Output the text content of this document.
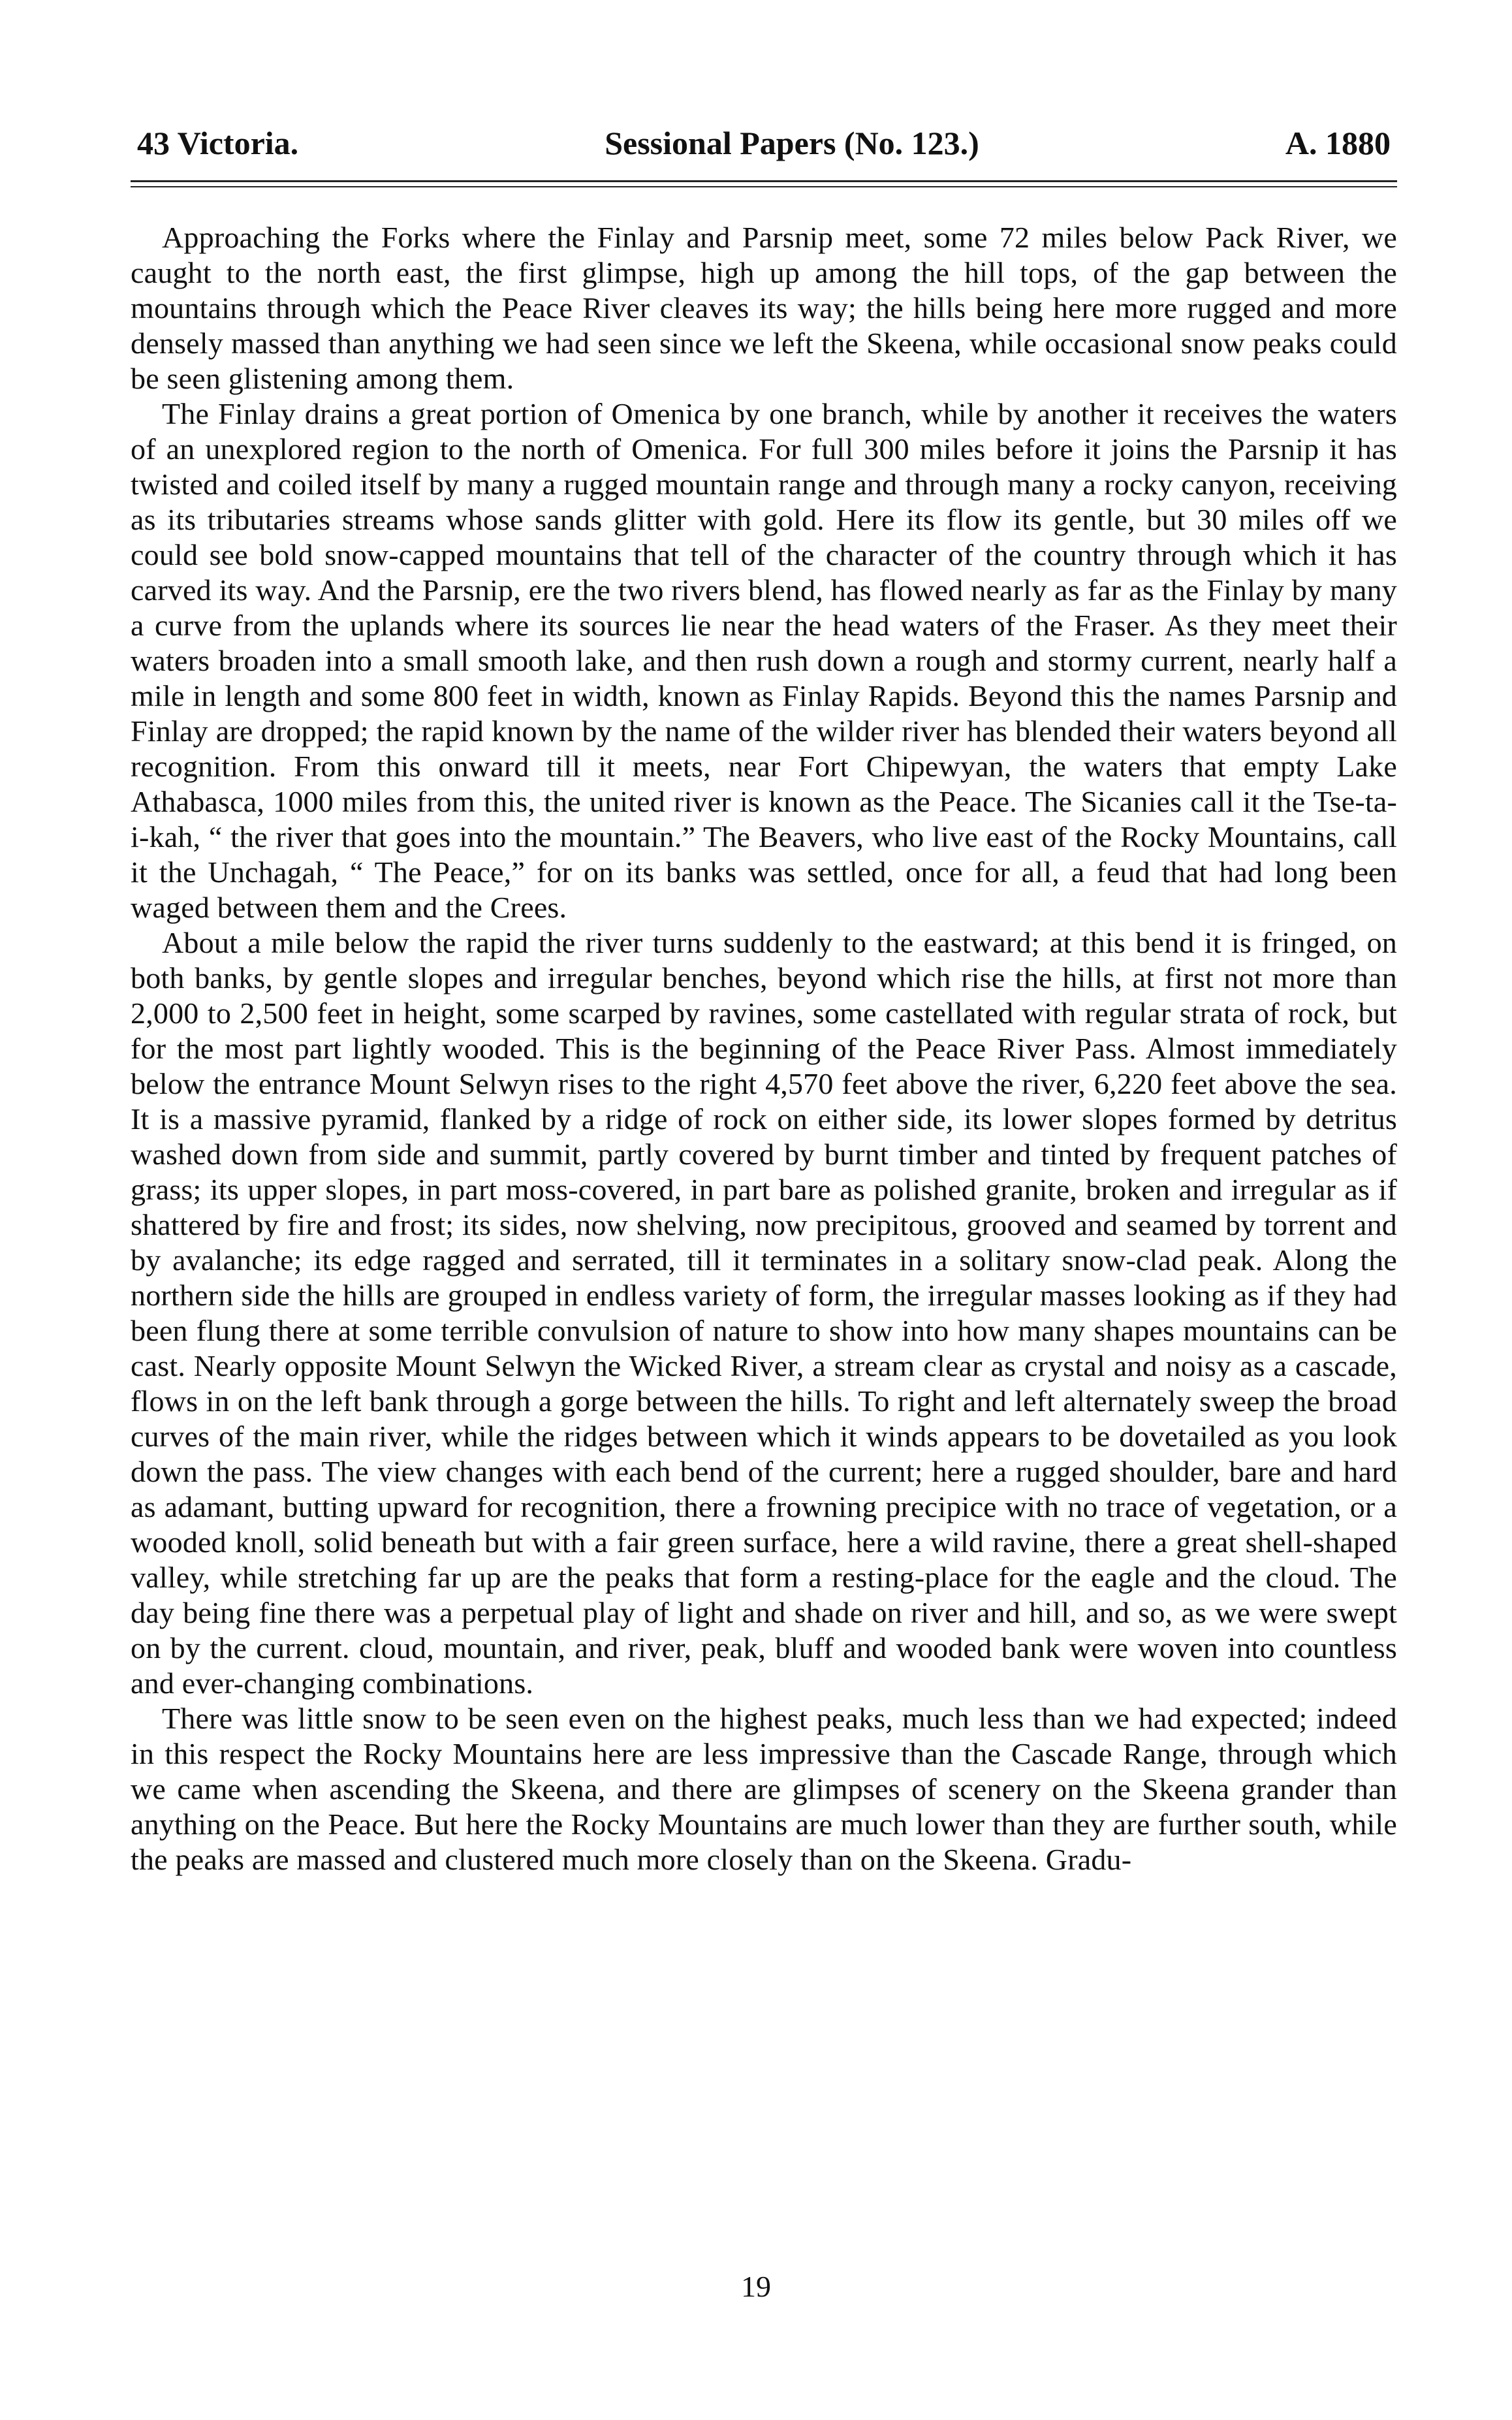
43 Victoria.	Sessional Papers (No. 123.)	A. 1880

Approaching the Forks where the Finlay and Parsnip meet, some 72 miles below Pack River, we caught to the north east, the first glimpse, high up among the hill tops, of the gap between the mountains through which the Peace River cleaves its way; the hills being here more rugged and more densely massed than anything we had seen since we left the Skeena, while occasional snow peaks could be seen glistening among them.

The Finlay drains a great portion of Omenica by one branch, while by another it receives the waters of an unexplored region to the north of Omenica. For full 300 miles before it joins the Parsnip it has twisted and coiled itself by many a rugged mountain range and through many a rocky canyon, receiving as its tributaries streams whose sands glitter with gold. Here its flow its gentle, but 30 miles off we could see bold snow-capped mountains that tell of the character of the country through which it has carved its way. And the Parsnip, ere the two rivers blend, has flowed nearly as far as the Finlay by many a curve from the uplands where its sources lie near the head waters of the Fraser. As they meet their waters broaden into a small smooth lake, and then rush down a rough and stormy current, nearly half a mile in length and some 800 feet in width, known as Finlay Rapids. Beyond this the names Parsnip and Finlay are dropped; the rapid known by the name of the wilder river has blended their waters beyond all recognition. From this onward till it meets, near Fort Chipewyan, the waters that empty Lake Athabasca, 1000 miles from this, the united river is known as the Peace. The Sicanies call it the Tse-ta-i-kah, “ the river that goes into the mountain.” The Beavers, who live east of the Rocky Mountains, call it the Unchagah, “ The Peace,” for on its banks was settled, once for all, a feud that had long been waged between them and the Crees.

About a mile below the rapid the river turns suddenly to the eastward; at this bend it is fringed, on both banks, by gentle slopes and irregular benches, beyond which rise the hills, at first not more than 2,000 to 2,500 feet in height, some scarped by ravines, some castellated with regular strata of rock, but for the most part lightly wooded. This is the beginning of the Peace River Pass. Almost immediately below the entrance Mount Selwyn rises to the right 4,570 feet above the river, 6,220 feet above the sea. It is a massive pyramid, flanked by a ridge of rock on either side, its lower slopes formed by detritus washed down from side and summit, partly covered by burnt timber and tinted by frequent patches of grass; its upper slopes, in part moss-covered, in part bare as polished granite, broken and irregular as if shattered by fire and frost; its sides, now shelving, now precipitous, grooved and seamed by torrent and by avalanche; its edge ragged and serrated, till it terminates in a solitary snow-clad peak. Along the northern side the hills are grouped in endless variety of form, the irregular masses looking as if they had been flung there at some terrible convulsion of nature to show into how many shapes mountains can be cast. Nearly opposite Mount Selwyn the Wicked River, a stream clear as crystal and noisy as a cascade, flows in on the left bank through a gorge between the hills. To right and left alternately sweep the broad curves of the main river, while the ridges between which it winds appears to be dovetailed as you look down the pass. The view changes with each bend of the current; here a rugged shoulder, bare and hard as adamant, butting upward for recognition, there a frowning precipice with no trace of vegetation, or a wooded knoll, solid beneath but with a fair green surface, here a wild ravine, there a great shell-shaped valley, while stretching far up are the peaks that form a resting-place for the eagle and the cloud. The day being fine there was a perpetual play of light and shade on river and hill, and so, as we were swept on by the current. cloud, mountain, and river, peak, bluff and wooded bank were woven into countless and ever-changing combinations.

There was little snow to be seen even on the highest peaks, much less than we had expected; indeed in this respect the Rocky Mountains here are less impressive than the Cascade Range, through which we came when ascending the Skeena, and there are glimpses of scenery on the Skeena grander than anything on the Peace. But here the Rocky Mountains are much lower than they are further south, while the peaks are massed and clustered much more closely than on the Skeena. Gradu-

19
